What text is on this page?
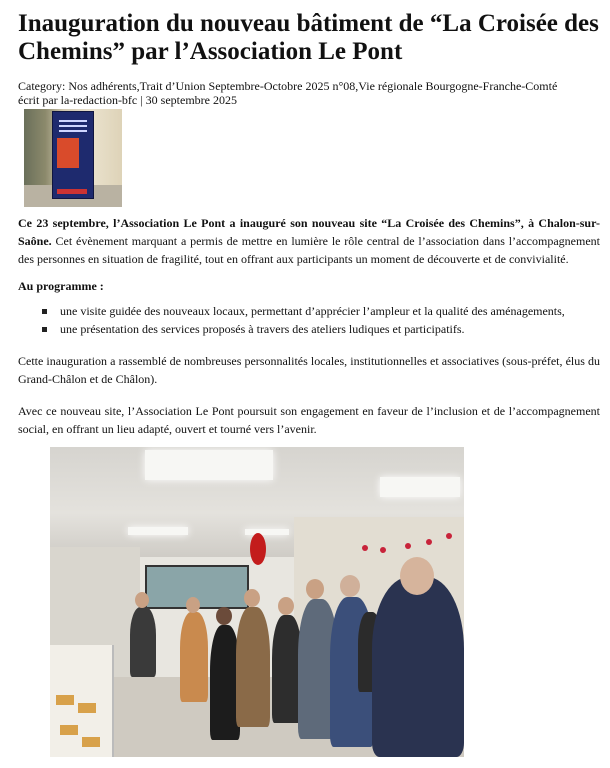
Inauguration du nouveau bâtiment de “La Croisée des Chemins” par l’Association Le Pont
Category: Nos adhérents,Trait d’Union Septembre-Octobre 2025 n°08,Vie régionale Bourgogne-Franche-Comté
écrit par la-redaction-bfc | 30 septembre 2025

Ce 23 septembre, l’Association Le Pont a inauguré son nouveau site “La Croisée des Chemins”, à Chalon-sur-Saône. Cet évènement marquant a permis de mettre en lumière le rôle central de l’association dans l’accompagnement des personnes en situation de fragilité, tout en offrant aux participants un moment de découverte et de convivialité.

Au programme :
une visite guidée des nouveaux locaux, permettant d’apprécier l’ampleur et la qualité des aménagements,
une présentation des services proposés à travers des ateliers ludiques et participatifs.

Cette inauguration a rassemblé de nombreuses personnalités locales, institutionnelles et associatives (sous-préfet, élus du Grand-Châlon et de Châlon).

Avec ce nouveau site, l’Association Le Pont poursuit son engagement en faveur de l’inclusion et de l’accompagnement social, en offrant un lieu adapté, ouvert et tourné vers l’avenir.
